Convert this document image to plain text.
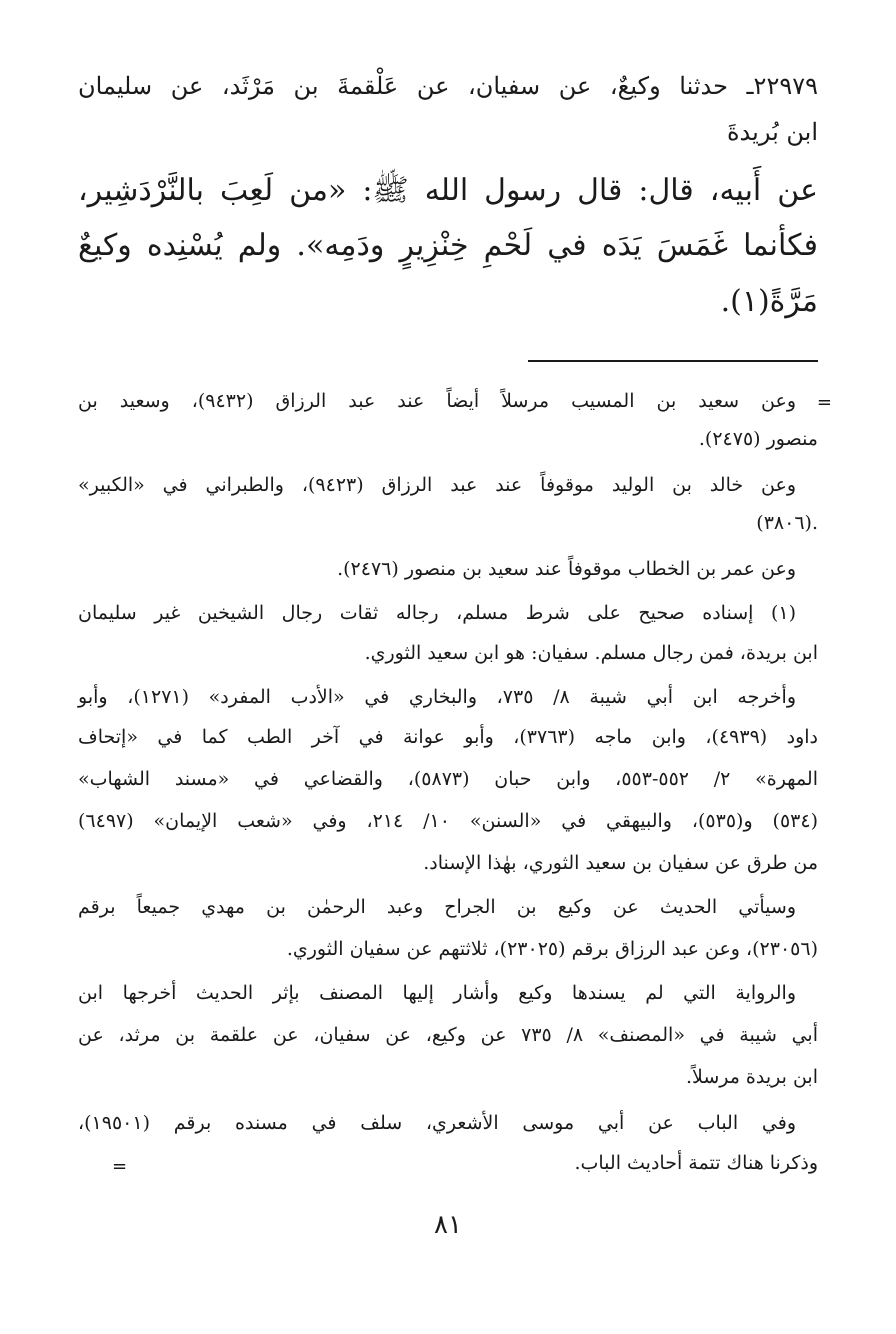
٢٢٩٧٩ـ حدثنا وكيعٌ، عن سفيان، عن عَلْقمةَ بن مَرْثَد، عن سليمان
ابن بُريدةَ
عن أَبيه، قال: قال رسول الله ﷺ: «من لَعِبَ بالنَّرْدَشِير،
فكأنما غَمَسَ يَدَه في لَحْمِ خِنْزِيرٍ ودَمِه». ولم يُسْنِده وكيعٌ
مَرَّةً(١).
=
وعن سعيد بن المسيب مرسلاً أيضاً عند عبد الرزاق (٩٤٣٢)، وسعيد بن
منصور (٢٤٧٥).
وعن خالد بن الوليد موقوفاً عند عبد الرزاق (٩٤٢٣)، والطبراني في «الكبير»
(٣٨٠٦).
وعن عمر بن الخطاب موقوفاً عند سعيد بن منصور (٢٤٧٦).
(١) إسناده صحيح على شرط مسلم، رجاله ثقات رجال الشيخين غير سليمان
ابن بريدة، فمن رجال مسلم. سفيان: هو ابن سعيد الثوري.
وأخرجه ابن أبي شيبة ٨/ ٧٣٥، والبخاري في «الأدب المفرد» (١٢٧١)، وأبو
داود (٤٩٣٩)، وابن ماجه (٣٧٦٣)، وأبو عوانة في آخر الطب كما في «إتحاف
المهرة» ٢/ ٥٥٢-٥٥٣، وابن حبان (٥٨٧٣)، والقضاعي في «مسند الشهاب»
(٥٣٤) و(٥٣٥)، والبيهقي في «السنن» ١٠/ ٢١٤، وفي «شعب الإيمان» (٦٤٩٧)
من طرق عن سفيان بن سعيد الثوري، بهٰذا الإسناد.
وسيأتي الحديث عن وكيع بن الجراح وعبد الرحمٰن بن مهدي جميعاً برقم
(٢٣٠٥٦)، وعن عبد الرزاق برقم (٢٣٠٢٥)، ثلاثتهم عن سفيان الثوري.
والرواية التي لم يسندها وكيع وأشار إليها المصنف بإثر الحديث أخرجها ابن
أبي شيبة في «المصنف» ٨/ ٧٣٥ عن وكيع، عن سفيان، عن علقمة بن مرثد، عن
ابن بريدة مرسلاً.
وفي الباب عن أبي موسى الأشعري، سلف في مسنده برقم (١٩٥٠١)،
وذكرنا هناك تتمة أحاديث الباب.
=
٨١
